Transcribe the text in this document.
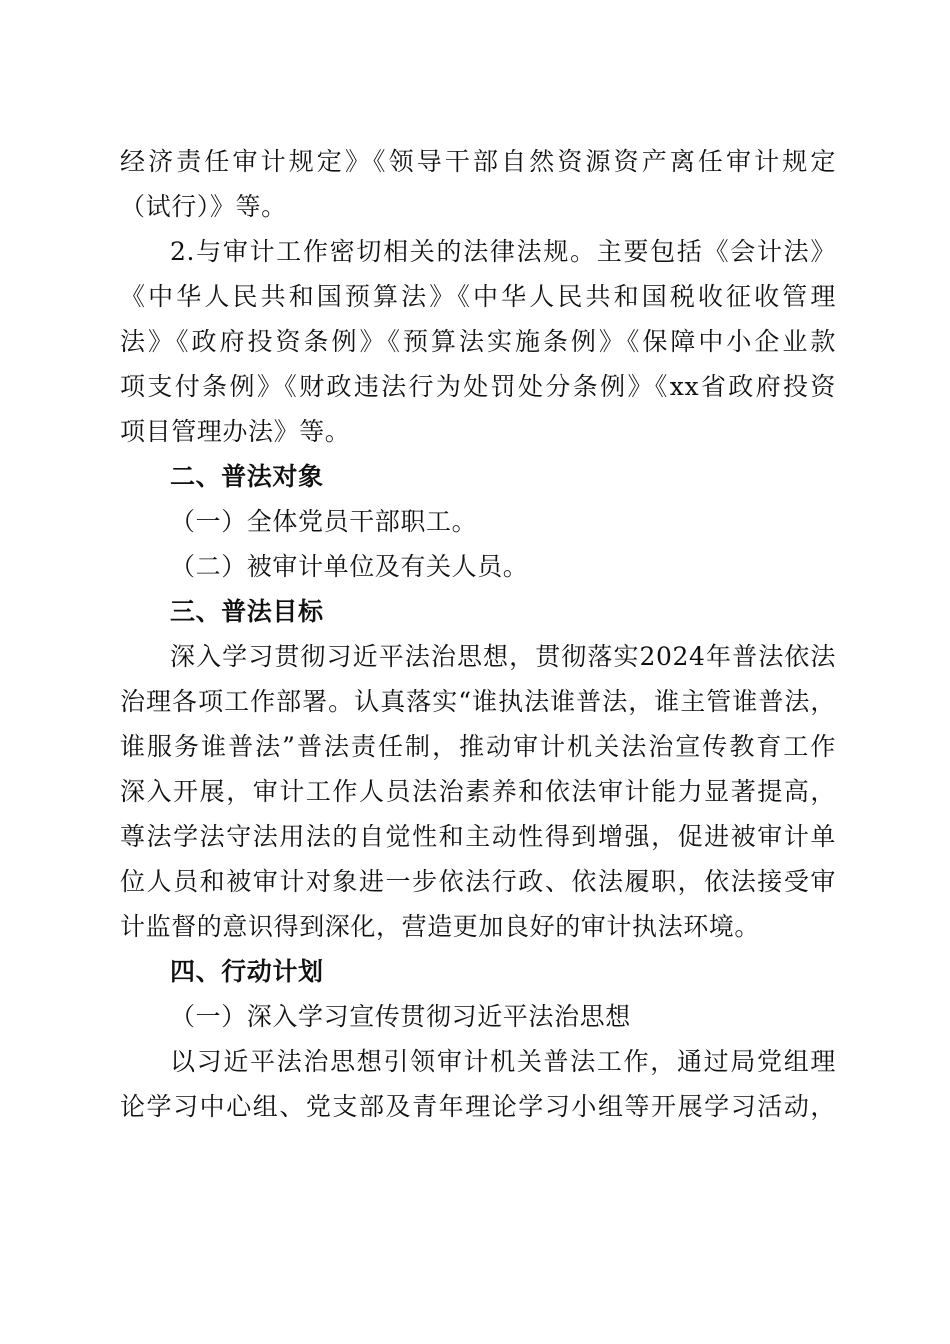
经济责任审计规定》《领导干部自然资源资产离任审计规定
（试行）》等。
2.与审计工作密切相关的法律法规。主要包括《会计法》
《中华人民共和国预算法》《中华人民共和国税收征收管理
法》《政府投资条例》《预算法实施条例》《保障中小企业款
项支付条例》《财政违法行为处罚处分条例》《xx省政府投资
项目管理办法》等。
二、普法对象
（一）全体党员干部职工。
（二）被审计单位及有关人员。
三、普法目标
深入学习贯彻习近平法治思想，贯彻落实2024年普法依法
治理各项工作部署。认真落实“谁执法谁普法，谁主管谁普法，
谁服务谁普法”普法责任制，推动审计机关法治宣传教育工作
深入开展，审计工作人员法治素养和依法审计能力显著提高，
尊法学法守法用法的自觉性和主动性得到增强，促进被审计单
位人员和被审计对象进一步依法行政、依法履职，依法接受审
计监督的意识得到深化，营造更加良好的审计执法环境。
四、行动计划
（一）深入学习宣传贯彻习近平法治思想
以习近平法治思想引领审计机关普法工作，通过局党组理
论学习中心组、党支部及青年理论学习小组等开展学习活动，
